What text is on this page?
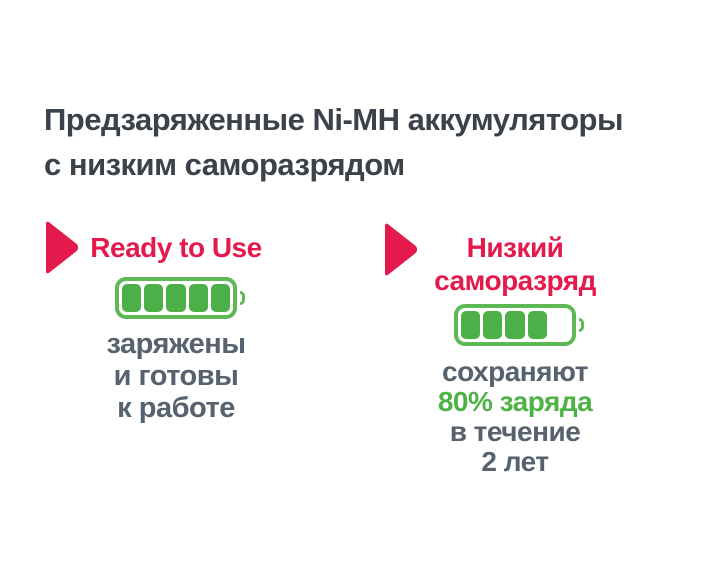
Предзаряженные Ni-MH аккумуляторы
с низким саморазрядом
Ready to Use
заряжены
и готовы
к работе
Низкий
саморазряд
сохраняют
80% заряда
в течение
2 лет
